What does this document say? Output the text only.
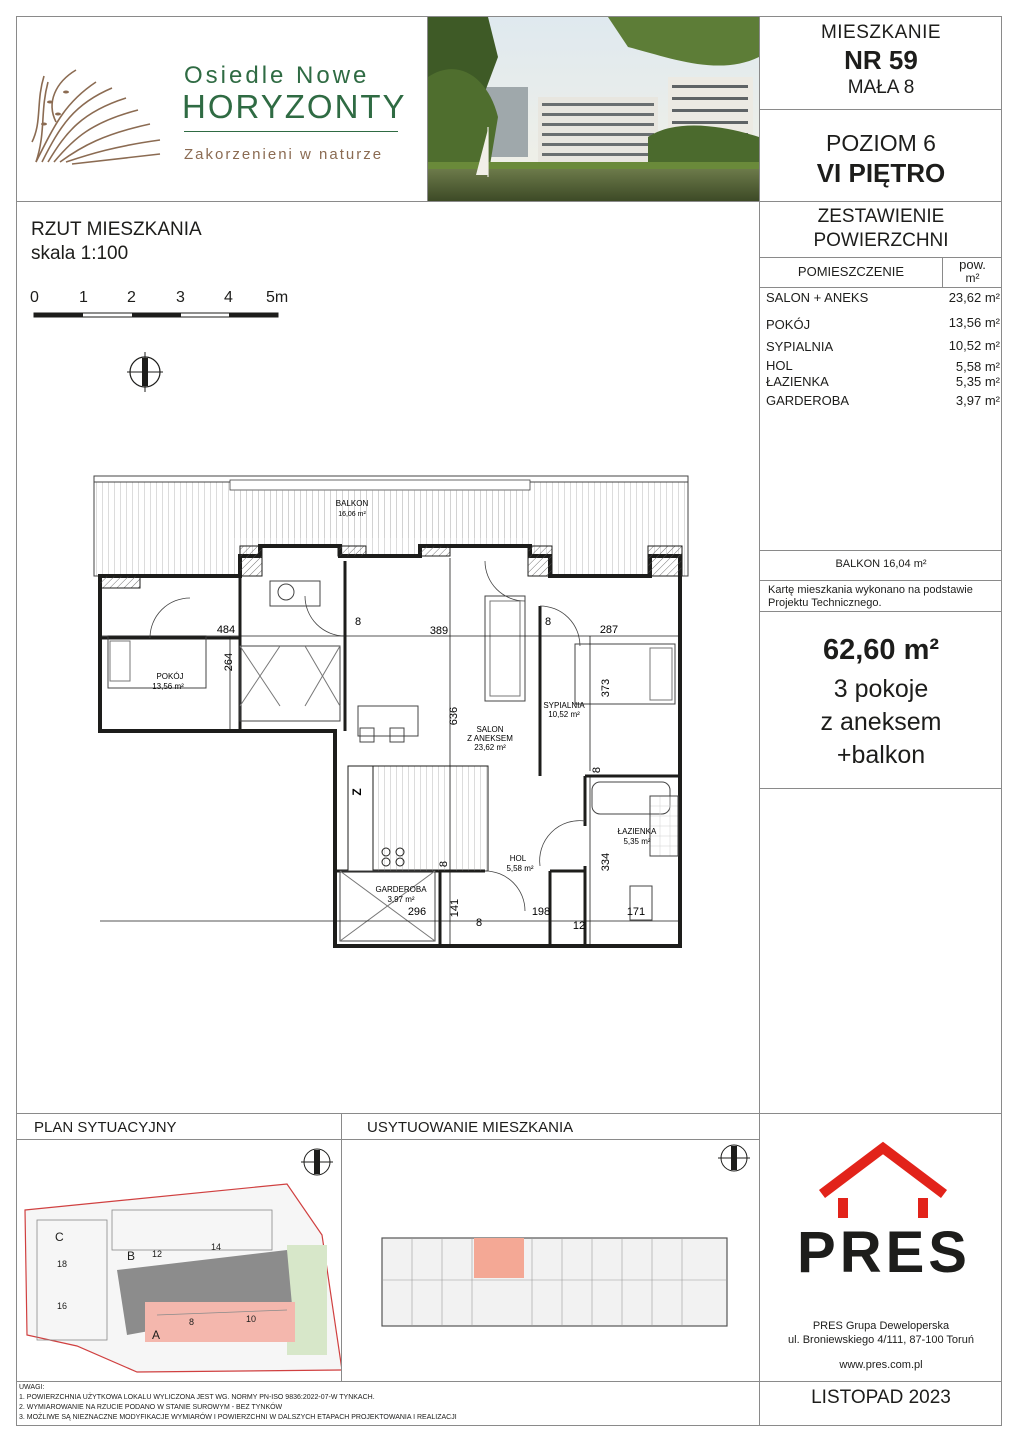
Osiedle Nowe
HORYZONTY
Zakorzenieni w naturze
MIESZKANIE
NR 59
MAŁA 8
POZIOM 6
VI PIĘTRO
ZESTAWIENIE
POWIERZCHNI
POMIESZCZENIE	pow.
m²
SALON + ANEKS	23,62 m²
POKÓJ	13,56 m²
SYPIALNIA	10,52 m²
HOL	5,58 m²
ŁAZIENKA	5,35 m²
GARDEROBA	3,97 m²
BALKON 16,04 m²
Kartę mieszkania wykonano na podstawie Projektu Technicznego.
62,60 m²
3 pokoje
z aneksem
+balkon
RZUT MIESZKANIA
skala 1:100
0	1 2	3 4 5m
BALKON
16,06 m²
POKÓJ
13,56 m²
SALON
Z ANEKSEM
23,62 m²
SYPIALNIA
10,52 m²
ŁAZIENKA
5,35 m²
HOL
5,58 m²
GARDEROBA
3,97 m²
484
8
389
8
287
264
636
373
8
8	334
296 141
8
198
12
171
Z
PLAN SYTUACYJNY
C
B
A
12
14
18
16
8	10
USYTUOWANIE MIESZKANIA
UWAGI:
1. POWIERZCHNIA UŻYTKOWA LOKALU WYLICZONA JEST WG. NORMY PN-ISO 9836:2022-07-W TYNKACH.
2. WYMIAROWANIE NA RZUCIE PODANO W STANIE SUROWYM - BEZ TYNKÓW
3. MOŻLIWE SĄ NIEZNACZNE MODYFIKACJE WYMIARÓW I POWIERZCHNI W DALSZYCH ETAPACH PROJEKTOWANIA I REALIZACJI
PRES
PRES Grupa Deweloperska
ul. Broniewskiego 4/111, 87-100 Toruń
www.pres.com.pl
LISTOPAD 2023
